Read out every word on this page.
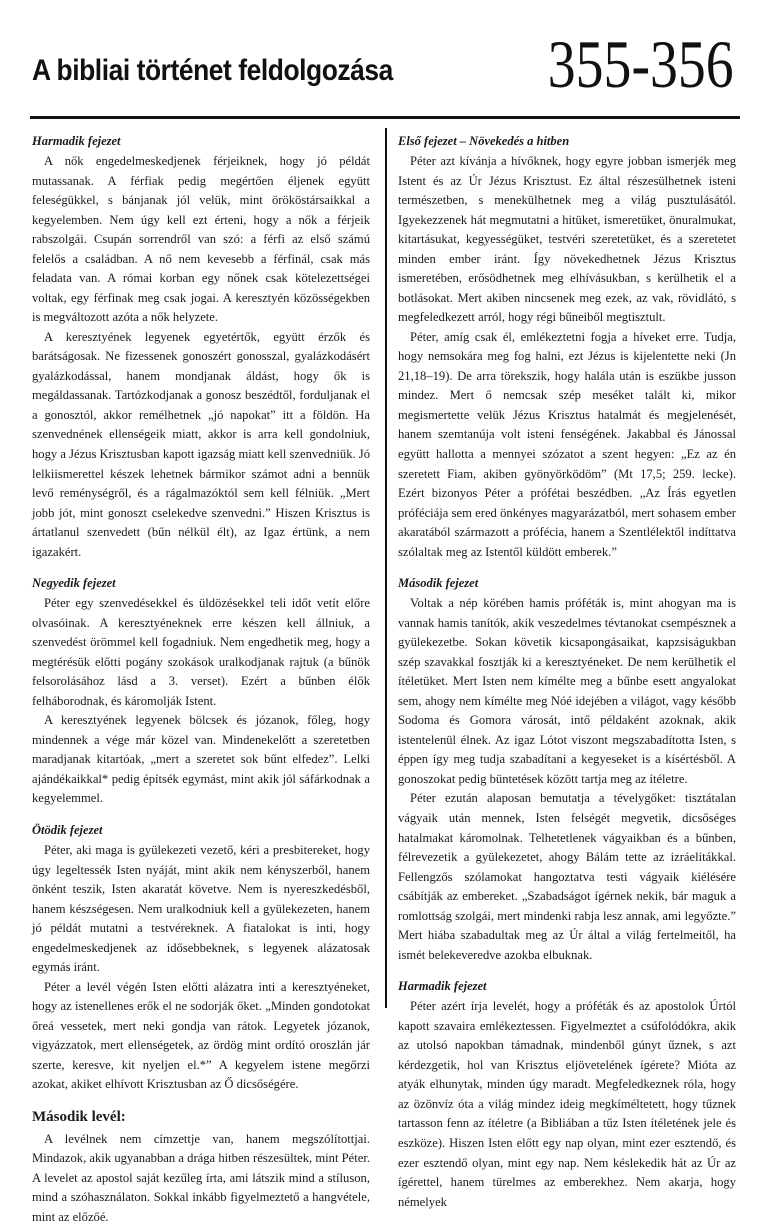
A bibliai történet feldolgozása 355-356
Harmadik fejezet

A nők engedelmeskedjenek férjeiknek, hogy jó példát mutassanak. A férfiak pedig megértően éljenek együtt feleségükkel, s bánjanak jól velük, mint örököstársaikkal a kegyelemben. Nem úgy kell ezt érteni, hogy a nők a férjeik rabszolgái. Csupán sorrendről van szó: a férfi az első számú felelős a családban. A nő nem kevesebb a férfinál, csak más feladata van. A római korban egy nőnek csak kötelezettségei voltak, egy férfinak meg csak jogai. A keresztyén közösségekben is megváltozott azóta a nők helyzete.

A keresztyének legyenek egyetértők, együtt érzők és barátságosak. Ne fizessenek gonoszért gonosszal, gyalázkodásért gyalázkodással, hanem mondjanak áldást, hogy ők is megáldassanak. Tartózkodjanak a gonosz beszédtől, forduljanak el a gonosztól, akkor remélhetnek „jó napokat” itt a földön. Ha szenvednének ellenségeik miatt, akkor is arra kell gondolniuk, hogy a Jézus Krisztusban kapott igazság miatt kell szenvedniük. Jó lelkiismerettel készek lehetnek bármikor számot adni a bennük levő reménységről, és a rágalmazóktól sem kell félniük. „Mert jobb jót, mint gonoszt cselekedve szenvedni.” Hiszen Krisztus is ártatlanul szenvedett (bűn nélkül élt), az Igaz értünk, a nem igazakért.

Negyedik fejezet

Péter egy szenvedésekkel és üldözésekkel teli időt vetít előre olvasóinak. A keresztyéneknek erre készen kell állniuk, a szenvedést örömmel kell fogadniuk. Nem engedhetik meg, hogy a megtérésük előtti pogány szokások uralkodjanak rajtuk (a bűnök felsorolásához lásd a 3. verset). Ezért a bűnben élők felháborodnak, és káromolják Istent.

A keresztyének legyenek bölcsek és józanok, főleg, hogy mindennek a vége már közel van. Mindenekelőtt a szeretetben maradjanak kitartóak, „mert a szeretet sok bűnt elfedez”. Lelki ajándékaikkal* pedig építsék egymást, mint akik jól sáfárkodnak a kegyelemmel.

Ötödik fejezet

Péter, aki maga is gyülekezeti vezető, kéri a presbitereket, hogy úgy legeltessék Isten nyáját, mint akik nem kényszerből, hanem önként teszik, Isten akaratát követve. Nem is nyereszkedésből, hanem készségesen. Nem uralkodniuk kell a gyülekezeten, hanem jó példát mutatni a testvéreknek. A fiatalokat is inti, hogy engedelmeskedjenek az idősebbeknek, s legyenek alázatosak egymás iránt.

Péter a levél végén Isten előtti alázatra inti a keresztyéneket, hogy az istenellenes erők el ne sodorják őket. „Minden gondotokat őreá vessetek, mert neki gondja van rátok. Legyetek józanok, vigyázzatok, mert ellenségetek, az ördög mint ordító oroszlán jár szerte, keresve, kit nyeljen el.*” A kegyelem istene megőrzi azokat, akiket elhívott Krisztusban az Ő dicsőségére.

Második levél:

A levélnek nem címzettje van, hanem megszólítottjai. Mindazok, akik ugyanabban a drága hitben részesültek, mint Péter. A levelet az apostol saját kezűleg írta, ami látszik mind a stíluson, mind a szóhasználaton. Sokkal inkább figyelmeztető a hangvétele, mint az előzőé.

Első fejezet – Növekedés a hitben

Péter azt kívánja a hívőknek, hogy egyre jobban ismerjék meg Istent és az Úr Jézus Krisztust. Ez által részesülhetnek isteni természetben, s menekülhetnek meg a világ pusztulásától. Igyekezzenek hát megmutatni a hitüket, ismeretüket, önuralmukat, kitartásukat, kegyességüket, testvéri szeretetüket, és a szeretetet minden ember iránt. Így növekedhetnek Jézus Krisztus ismeretében, erősödhetnek meg elhívásukban, s kerülhetik el a botlásokat. Mert akiben nincsenek meg ezek, az vak, rövidlátó, s megfeledkezett arról, hogy régi bűneiből megtisztult.

Péter, amíg csak él, emlékeztetni fogja a híveket erre. Tudja, hogy nemsokára meg fog halni, ezt Jézus is kijelentette neki (Jn 21,18–19). De arra törekszik, hogy halála után is eszükbe jusson mindez. Mert ő nemcsak szép meséket talált ki, mikor megismertette velük Jézus Krisztus hatalmát és megjelenését, hanem szemtanúja volt isteni fenségének. Jakabbal és Jánossal együtt hallotta a mennyei szózatot a szent hegyen: „Ez az én szeretett Fiam, akiben gyönyörködöm” (Mt 17,5; 259. lecke). Ezért bizonyos Péter a prófétai beszédben. „Az Írás egyetlen próféciája sem ered önkényes magyarázatból, mert sohasem ember akaratából származott a prófécia, hanem a Szentlélektől indíttatva szólaltak meg az Istentől küldött emberek.”

Második fejezet

Voltak a nép körében hamis próféták is, mint ahogyan ma is vannak hamis tanítók, akik veszedelmes tévtanokat csempésznek a gyülekezetbe. Sokan követik kicsapongásaikat, kapzsiságukban szép szavakkal fosztják ki a keresztyéneket. De nem kerülhetik el ítéletüket. Mert Isten nem kímélte meg a bűnbe esett angyalokat sem, ahogy nem kímélte meg Nóé idejében a világot, vagy később Sodoma és Gomora városát, intő példaként azoknak, akik istentelenül élnek. Az igaz Lótot viszont megszabadította Isten, s éppen így meg tudja szabadítani a kegyeseket is a kísértésből. A gonoszokat pedig büntetések között tartja meg az ítéletre.

Péter ezután alaposan bemutatja a tévelygőket: tisztátalan vágyaik után mennek, Isten felségét megvetik, dicsőséges hatalmakat káromolnak. Telhetetlenek vágyaikban és a bűnben, félrevezetik a gyülekezetet, ahogy Bálám tette az izráelitákkal. Fellengzős szólamokat hangoztatva testi vágyaik kiélésére csábítják az embereket. „Szabadságot ígérnek nekik, bár maguk a romlottság szolgái, mert mindenki rabja lesz annak, ami legyőzte.” Mert hiába szabadultak meg az Úr által a világ fertelmeitől, ha ismét belekeveredve azokba elbuknak.

Harmadik fejezet

Péter azért írja levelét, hogy a próféták és az apostolok Úrtól kapott szavaira emlékeztessen. Figyelmeztet a csúfolódókra, akik az utolsó napokban támadnak, mindenből gúnyt űznek, s azt kérdezgetik, hol van Krisztus eljövetelének ígérete? Mióta az atyák elhunytak, minden úgy maradt. Megfeledkeznek róla, hogy az özönvíz óta a világ mindez ideig megkíméltetett, hogy tűznek tartasson fenn az ítéletre (a Bibliában a tűz Isten ítéletének jele és eszköze). Hiszen Isten előtt egy nap olyan, mint ezer esztendő, és ezer esztendő olyan, mint egy nap. Nem késlekedik hát az Úr az ígérettel, hanem türelmes az emberekhez. Nem akarja, hogy némelyek
